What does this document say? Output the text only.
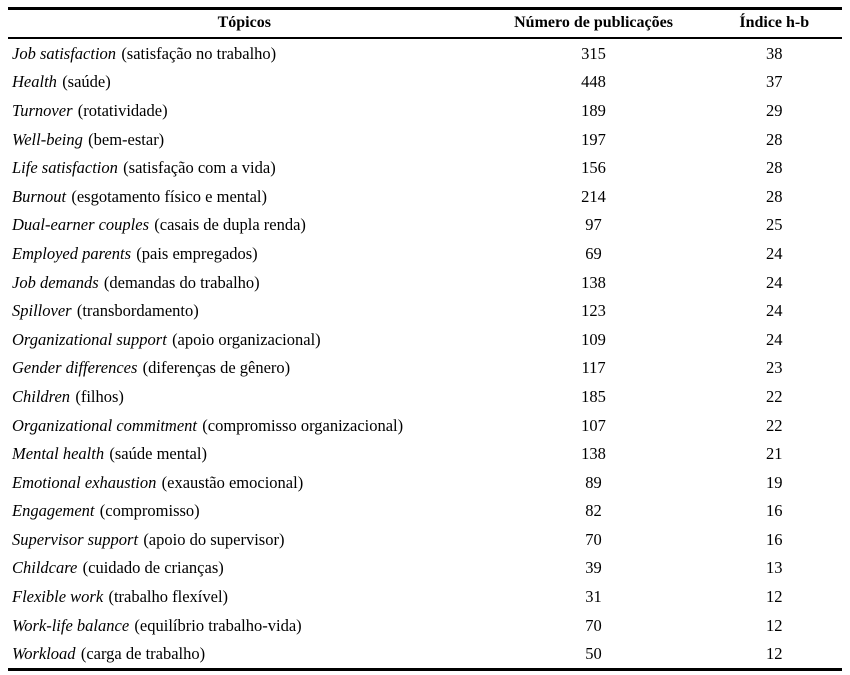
Tópicos	Número de publicações	Índice h-b
Job satisfaction (satisfação no trabalho)	315	38
Health (saúde)	448	37
Turnover (rotatividade)	189	29
Well-being (bem-estar)	197	28
Life satisfaction (satisfação com a vida)	156	28
Burnout (esgotamento físico e mental)	214	28
Dual-earner couples (casais de dupla renda)	97	25
Employed parents (pais empregados)	69	24
Job demands (demandas do trabalho)	138	24
Spillover (transbordamento)	123	24
Organizational support (apoio organizacional)	109	24
Gender differences (diferenças de gênero)	117	23
Children (filhos)	185	22
Organizational commitment (compromisso organizacional)	107	22
Mental health (saúde mental)	138	21
Emotional exhaustion (exaustão emocional)	89	19
Engagement (compromisso)	82	16
Supervisor support (apoio do supervisor)	70	16
Childcare (cuidado de crianças)	39	13
Flexible work (trabalho flexível)	31	12
Work-life balance (equilíbrio trabalho-vida)	70	12
Workload (carga de trabalho)	50	12
